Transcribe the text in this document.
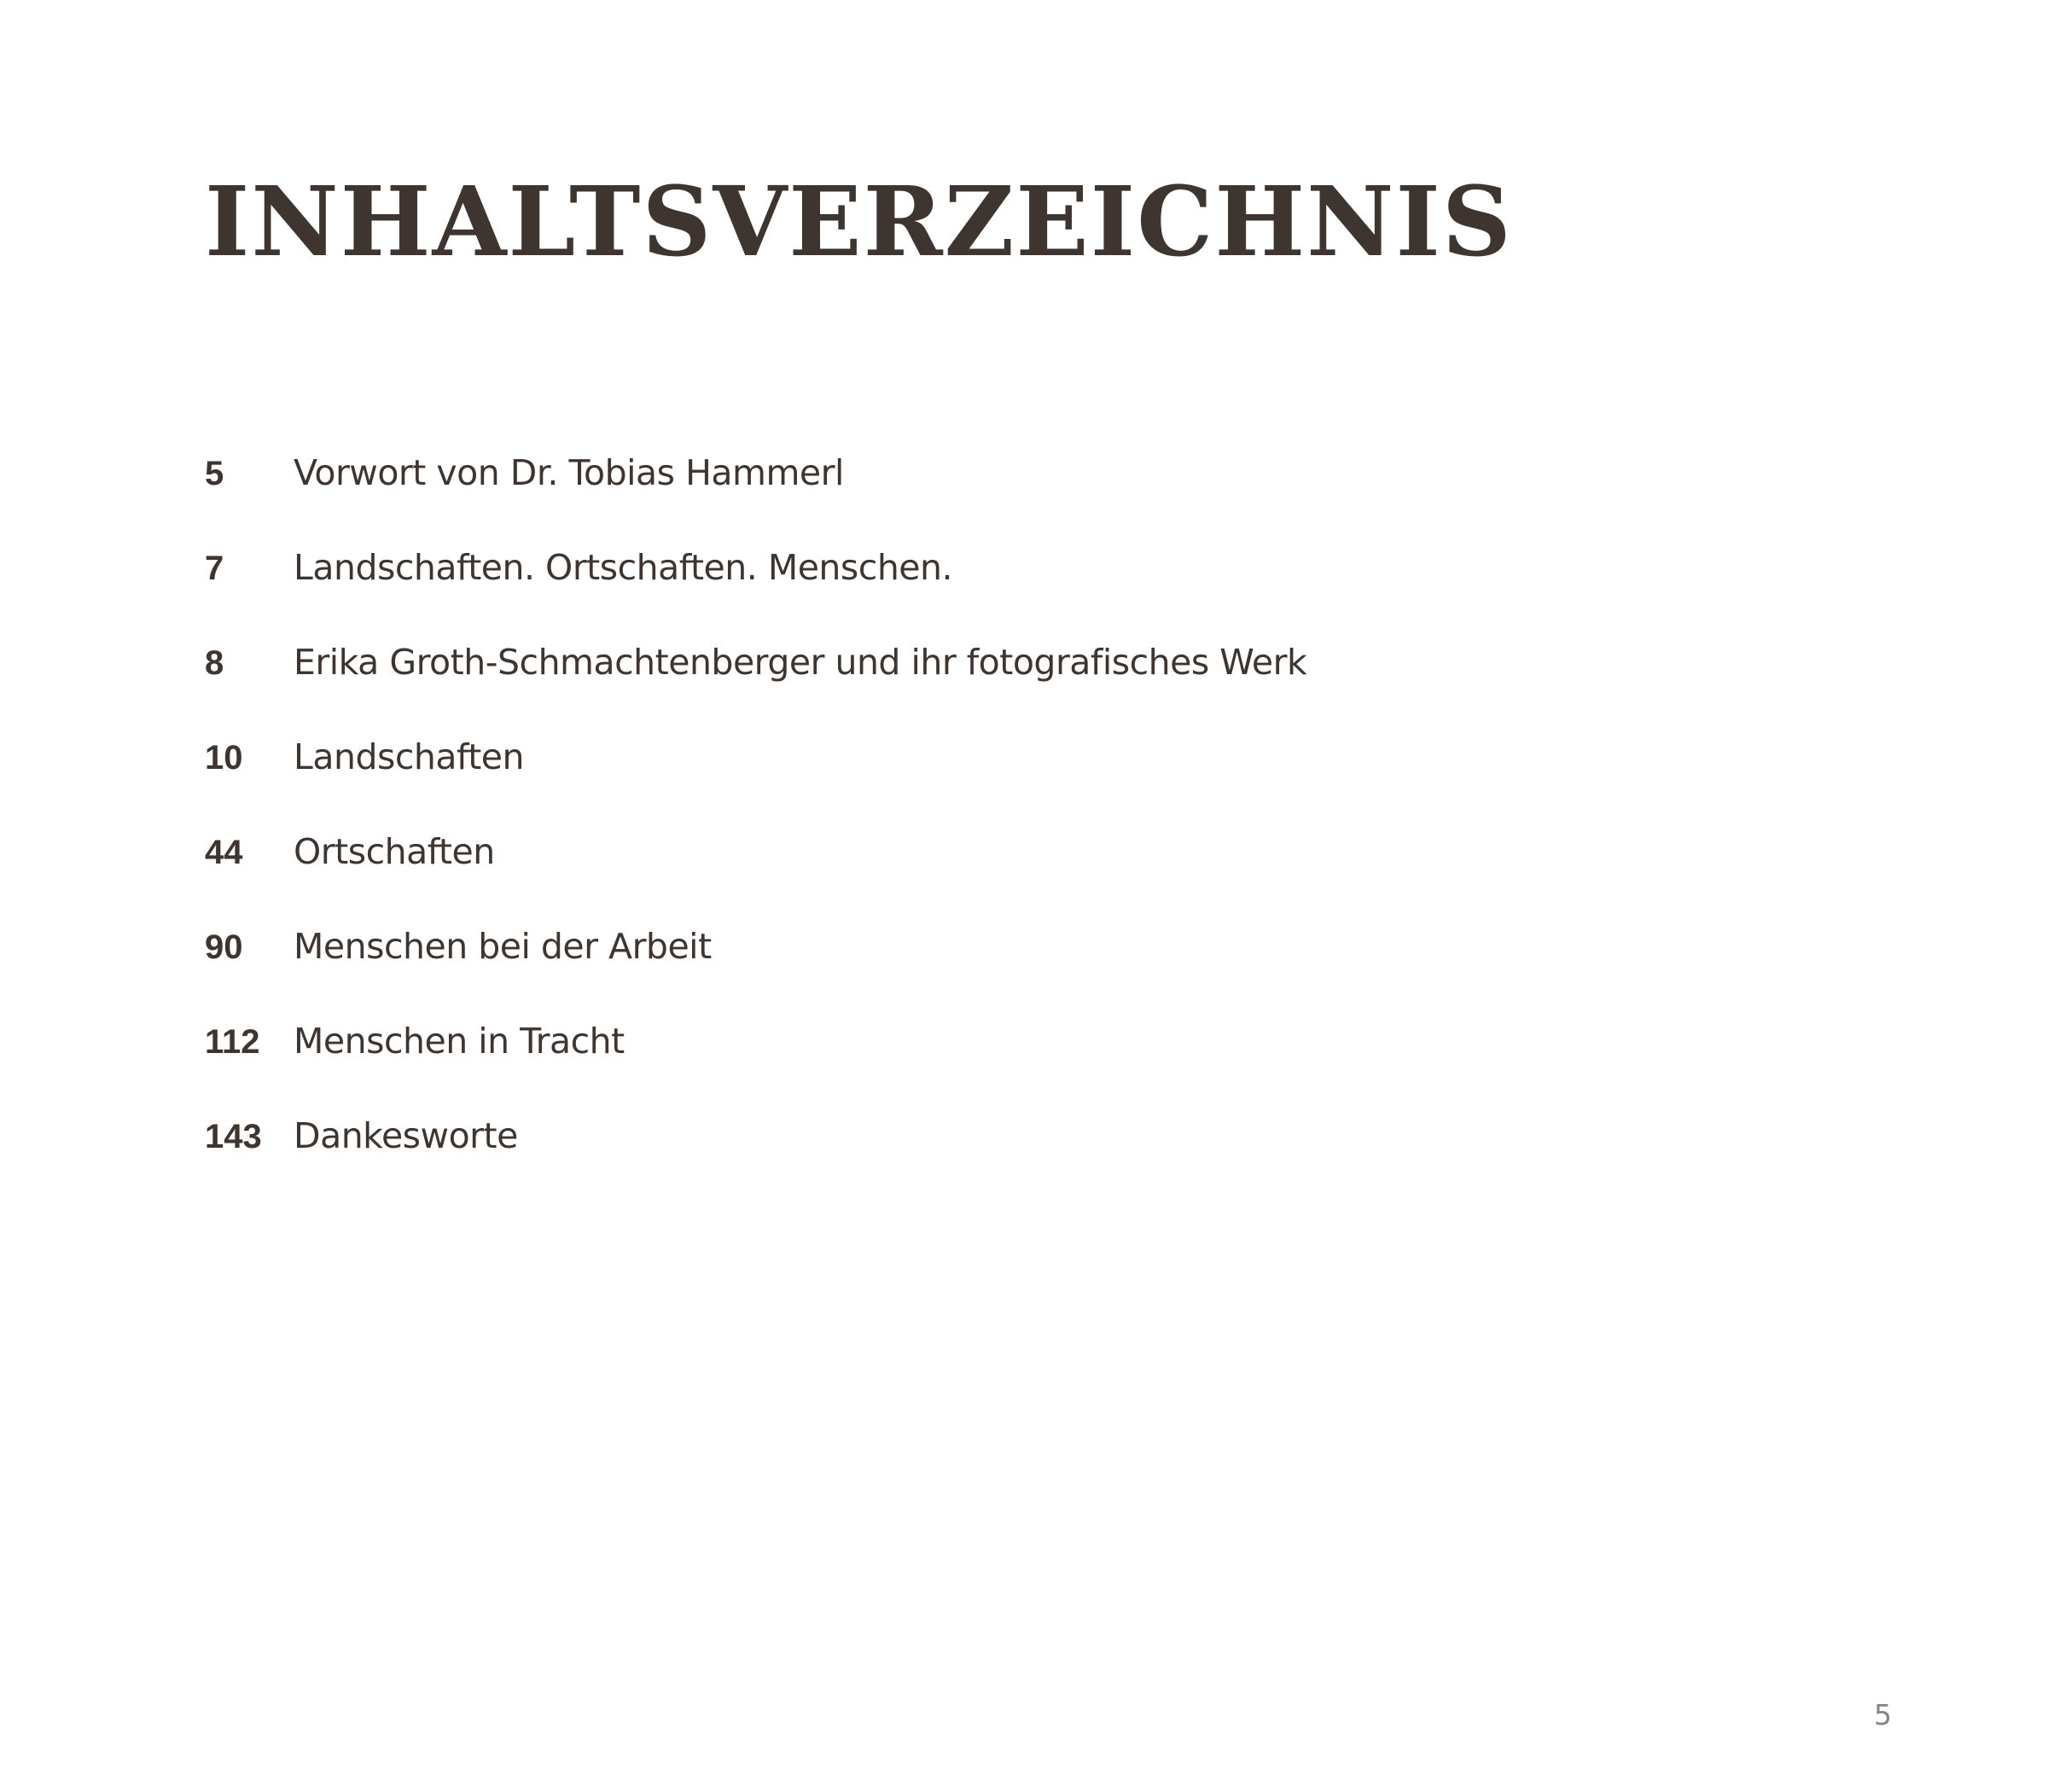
INHALTSVERZEICHNIS
5	Vorwort von Dr. Tobias Hammerl
7	Landschaften. Ortschaften. Menschen.
8	Erika Groth-Schmachtenberger und ihr fotografisches Werk
10	Landschaften
44	Ortschaften
90	Menschen bei der Arbeit
112 Menschen in Tracht
143 Dankesworte
5
